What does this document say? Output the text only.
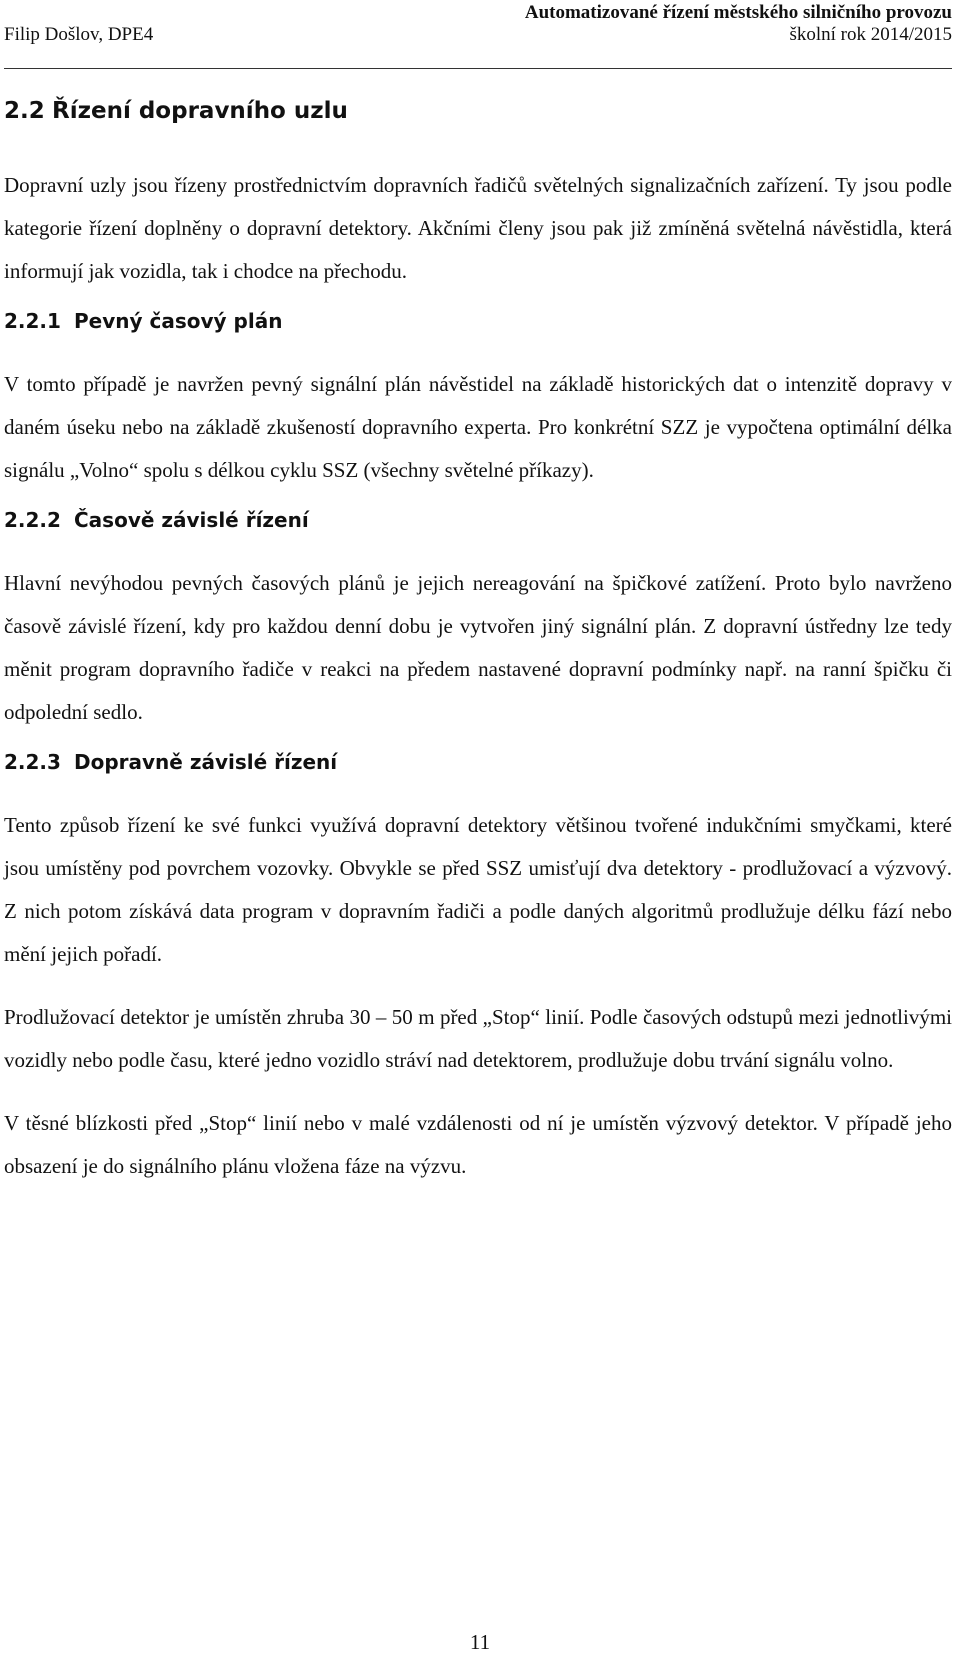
Automatizované řízení městského silničního provozu
Filip Došlov, DPE4	školní rok 2014/2015
2.2 Řízení dopravního uzlu

Dopravní uzly jsou řízeny prostřednictvím dopravních řadičů světelných signalizačních zařízení. Ty jsou podle kategorie řízení doplněny o dopravní detektory. Akčními členy jsou pak již zmíněná světelná návěstidla, která informují jak vozidla, tak i chodce na přechodu.

2.2.1 Pevný časový plán

V tomto případě je navržen pevný signální plán návěstidel na základě historických dat o intenzitě dopravy v daném úseku nebo na základě zkušeností dopravního experta. Pro konkrétní SZZ je vypočtena optimální délka signálu „Volno“ spolu s délkou cyklu SSZ (všechny světelné příkazy).

2.2.2 Časově závislé řízení

Hlavní nevýhodou pevných časových plánů je jejich nereagování na špičkové zatížení. Proto bylo navrženo časově závislé řízení, kdy pro každou denní dobu je vytvořen jiný signální plán. Z dopravní ústředny lze tedy měnit program dopravního řadiče v reakci na předem nastavené dopravní podmínky např. na ranní špičku či odpolední sedlo.

2.2.3 Dopravně závislé řízení

Tento způsob řízení ke své funkci využívá dopravní detektory většinou tvořené indukčními smyčkami, které jsou umístěny pod povrchem vozovky. Obvykle se před SSZ umisťují dva detektory - prodlužovací a výzvový. Z nich potom získává data program v dopravním řadiči a podle daných algoritmů prodlužuje délku fází nebo mění jejich pořadí.

Prodlužovací detektor je umístěn zhruba 30 – 50 m před „Stop“ linií. Podle časových odstupů mezi jednotlivými vozidly nebo podle času, které jedno vozidlo stráví nad detektorem, prodlužuje dobu trvání signálu volno.

V těsné blízkosti před „Stop“ linií nebo v malé vzdálenosti od ní je umístěn výzvový detektor. V případě jeho obsazení je do signálního plánu vložena fáze na výzvu.

11
